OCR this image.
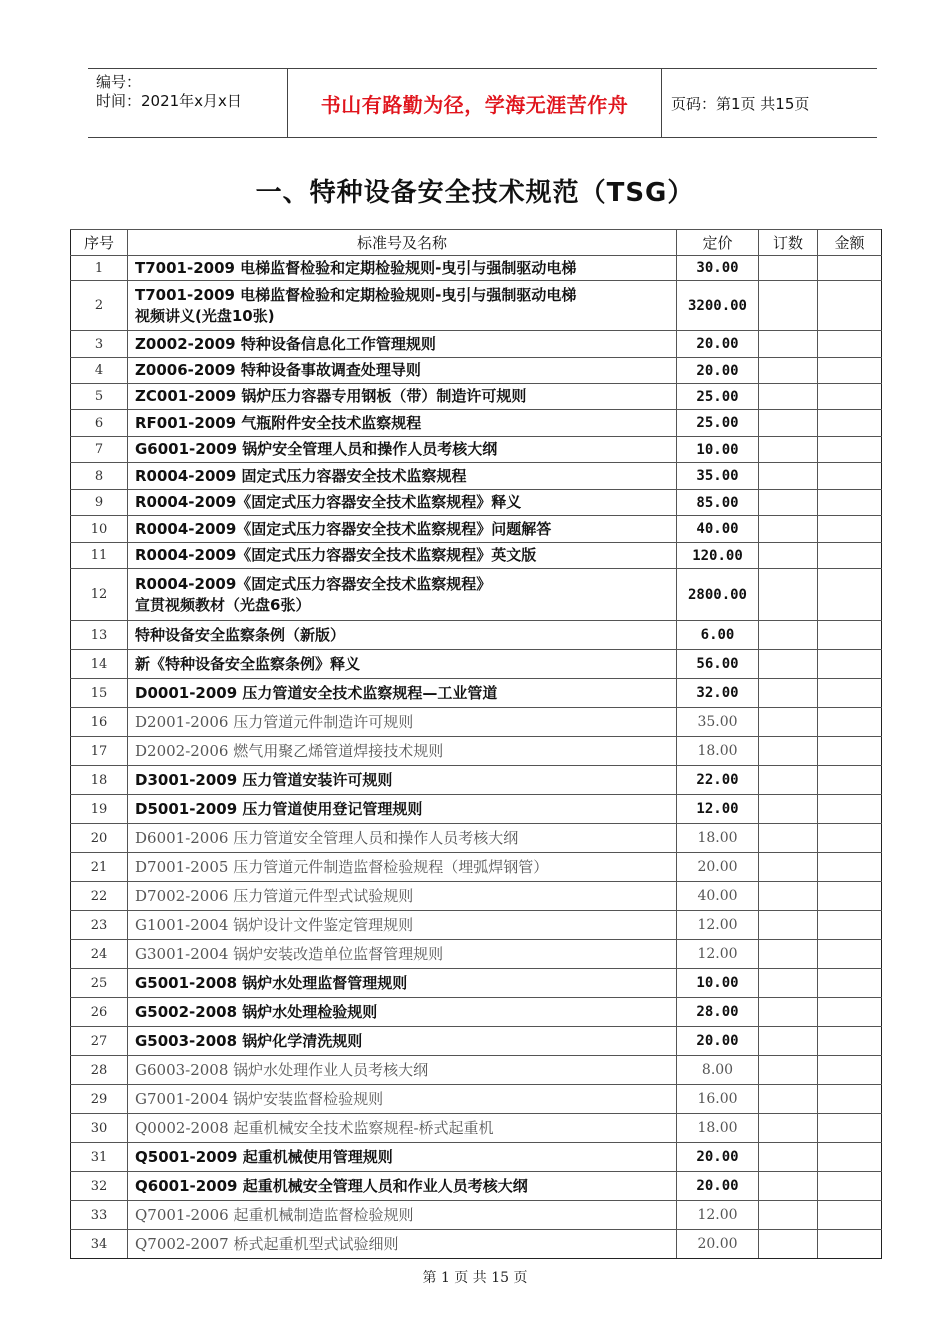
编号：
时间：2021年x月x日	书山有路勤为径，学海无涯苦作舟	页码：第1页 共15页
一、特种设备安全技术规范（TSG）
序号	标准号及名称	定价	订数	金额
1	T7001-2009 电梯监督检验和定期检验规则-曳引与强制驱动电梯	30.00		
2	T7001-2009 电梯监督检验和定期检验规则-曳引与强制驱动电梯
视频讲义(光盘10张)	3200.00		
3	Z0002-2009 特种设备信息化工作管理规则	20.00		
4	Z0006-2009 特种设备事故调查处理导则	20.00		
5	ZC001-2009 锅炉压力容器专用钢板（带）制造许可规则	25.00		
6	RF001-2009 气瓶附件安全技术监察规程	25.00		
7	G6001-2009 锅炉安全管理人员和操作人员考核大纲	10.00		
8	R0004-2009 固定式压力容器安全技术监察规程	35.00		
9	R0004-2009《固定式压力容器安全技术监察规程》释义	85.00		
10	R0004-2009《固定式压力容器安全技术监察规程》问题解答	40.00		
11	R0004-2009《固定式压力容器安全技术监察规程》英文版	120.00		
12	R0004-2009《固定式压力容器安全技术监察规程》
宣贯视频教材（光盘6张）	2800.00		
13	特种设备安全监察条例（新版）	6.00		
14	新《特种设备安全监察条例》释义	56.00		
15	D0001-2009 压力管道安全技术监察规程—工业管道	32.00		
16	D2001-2006 压力管道元件制造许可规则	35.00		
17	D2002-2006 燃气用聚乙烯管道焊接技术规则	18.00		
18	D3001-2009 压力管道安装许可规则	22.00		
19	D5001-2009 压力管道使用登记管理规则	12.00		
20	D6001-2006 压力管道安全管理人员和操作人员考核大纲	18.00		
21	D7001-2005 压力管道元件制造监督检验规程（埋弧焊钢管）	20.00		
22	D7002-2006 压力管道元件型式试验规则	40.00		
23	G1001-2004 锅炉设计文件鉴定管理规则	12.00		
24	G3001-2004 锅炉安装改造单位监督管理规则	12.00		
25	G5001-2008 锅炉水处理监督管理规则	10.00		
26	G5002-2008 锅炉水处理检验规则	28.00		
27	G5003-2008 锅炉化学清洗规则	20.00		
28	G6003-2008 锅炉水处理作业人员考核大纲	8.00		
29	G7001-2004 锅炉安装监督检验规则	16.00		
30	Q0002-2008 起重机械安全技术监察规程-桥式起重机	18.00		
31	Q5001-2009 起重机械使用管理规则	20.00		
32	Q6001-2009 起重机械安全管理人员和作业人员考核大纲	20.00		
33	Q7001-2006 起重机械制造监督检验规则	12.00		
34	Q7002-2007 桥式起重机型式试验细则	20.00		
第 1 页 共 15 页
